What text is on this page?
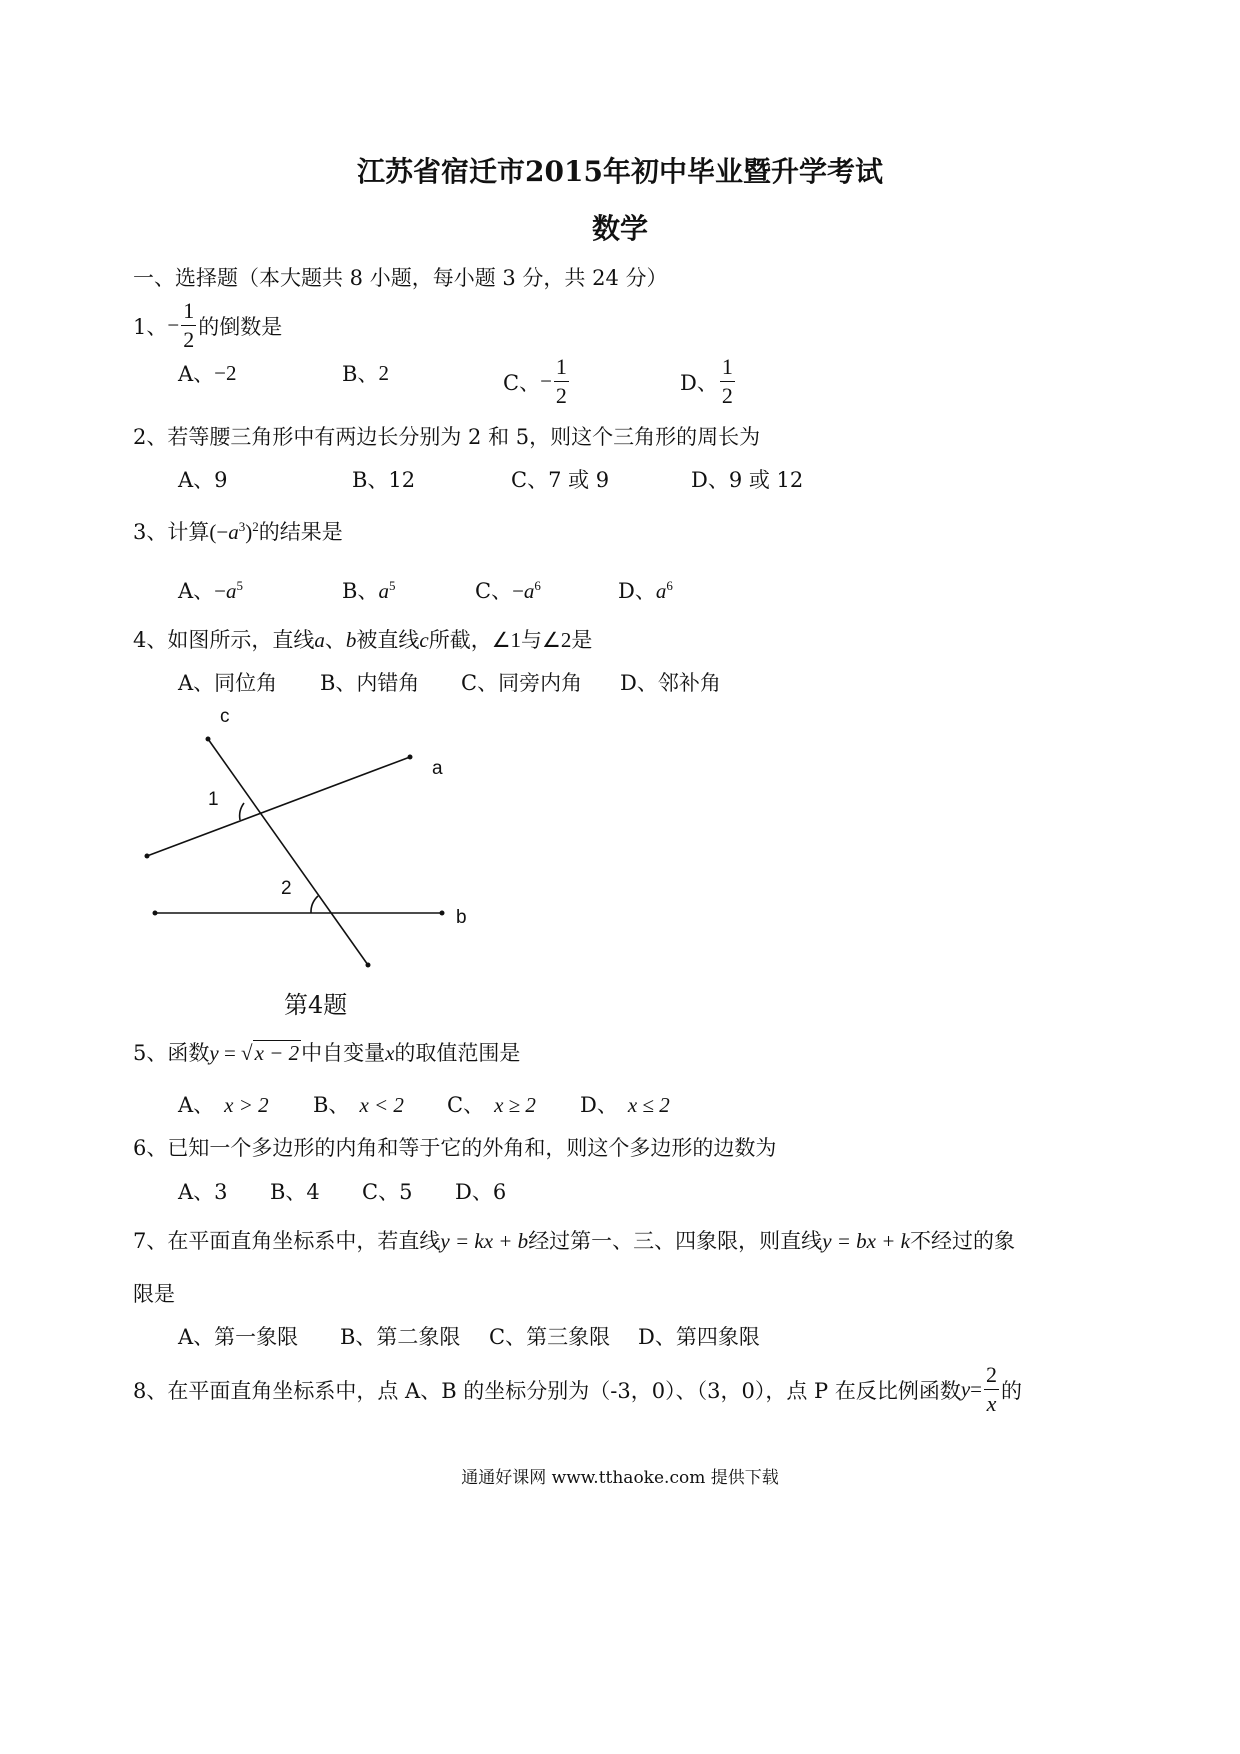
江苏省宿迁市2015年初中毕业暨升学考试
数学
一、选择题（本大题共 8 小题，每小题 3 分，共 24 分）
1、 − $\frac{1}{2}$ 的倒数是
A、 −2	B、 2	C、 − $\frac{1}{2}$	D、 $\frac{1}{2}$
2、若等腰三角形中有两边长分别为 2 和 5，则这个三角形的周长为
A、9	B、12	C、7 或 9	D、9 或 12
3、计算$(-a^3)^2$的结果是
A、$-a^5$	B、$a^5$	C、$-a^6$	D、$a^6$
4、如图所示，直线a、b被直线c所截，∠1与∠2是
A、同位角 B、内错角 C、同旁内角 D、邻补角
c
a
b
1
2
第4题
5、函数y = √x − 2中自变量x的取值范围是
A、 x > 2 B、 x < 2 C、 x ≥ 2 D、 x ≤ 2
6、已知一个多边形的内角和等于它的外角和，则这个多边形的边数为
A、3 B、4 C、5 D、6
7、在平面直角坐标系中，若直线y = kx + b经过第一、三、四象限，则直线y = bx + k不经过的象
限是
A、第一象限 B、第二象限 C、第三象限 D、第四象限
8、在平面直角坐标系中，点 A、B 的坐标分别为（-3，0）、（3，0），点 P 在反比例函数 $y = \frac{2}{x}$ 的
通通好课网 www.tthaoke.com 提供下载
